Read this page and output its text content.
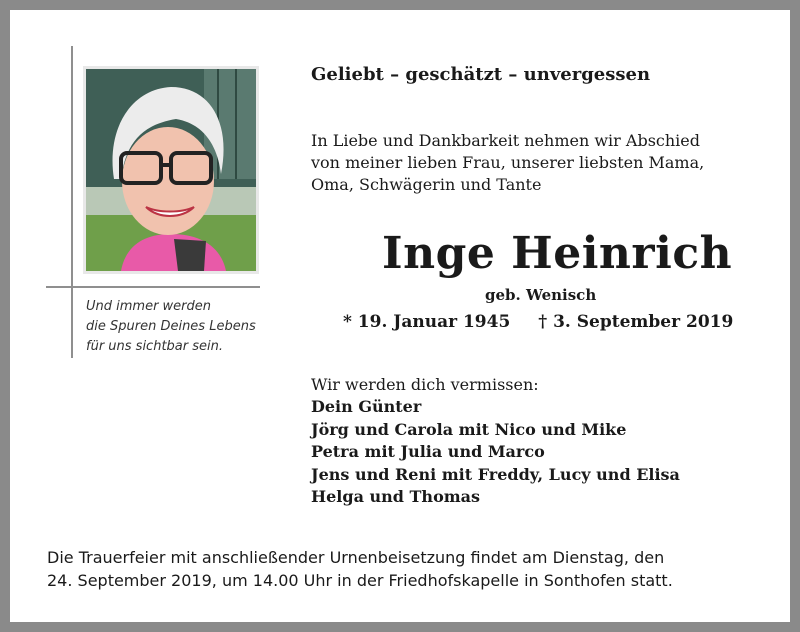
Und immer werden
die Spuren Deines Lebens
für uns sichtbar sein.
Geliebt – geschätzt – unvergessen
In Liebe und Dankbarkeit nehmen wir Abschied
von meiner lieben Frau, unserer liebsten Mama,
Oma, Schwägerin und Tante
Inge Heinrich
geb. Wenisch
* 19. Januar 1945 † 3. September 2019
Wir werden dich vermissen:
Dein Günter
Jörg und Carola mit Nico und Mike
Petra mit Julia und Marco
Jens und Reni mit Freddy, Lucy und Elisa
Helga und Thomas
Die Trauerfeier mit anschließender Urnenbeisetzung findet am Dienstag, den
24. September 2019, um 14.00 Uhr in der Friedhofskapelle in Sonthofen statt.
